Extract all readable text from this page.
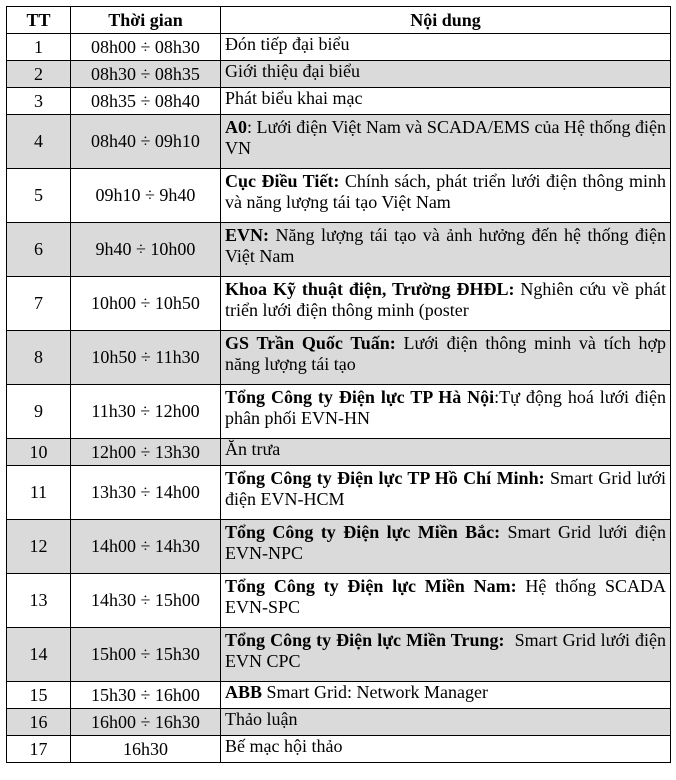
TT	Thời gian	Nội dung
1	08h00 ÷ 08h30	Đón tiếp đại biểu
2	08h30 ÷ 08h35	Giới thiệu đại biểu
3	08h35 ÷ 08h40	Phát biểu khai mạc
4	08h40 ÷ 09h10	A0: Lưới điện Việt Nam và SCADA/EMS của Hệ thống điện VN
5	09h10 ÷ 9h40	Cục Điều Tiết: Chính sách, phát triển lưới điện thông minh và năng lượng tái tạo Việt Nam
6	9h40 ÷ 10h00	EVN: Năng lượng tái tạo và ảnh hưởng đến hệ thống điện Việt Nam
7	10h00 ÷ 10h50	Khoa Kỹ thuật điện, Trường ĐHĐL: Nghiên cứu về phát triển lưới điện thông minh (poster
8	10h50 ÷ 11h30	GS Trần Quốc Tuấn: Lưới điện thông minh và tích hợp năng lượng tái tạo
9	11h30 ÷ 12h00	Tổng Công ty Điện lực TP Hà Nội:Tự động hoá lưới điện phân phối EVN-HN
10	12h00 ÷ 13h30	Ăn trưa
11	13h30 ÷ 14h00	Tổng Công ty Điện lực TP Hồ Chí Minh: Smart Grid lưới điện EVN-HCM
12	14h00 ÷ 14h30	Tổng Công ty Điện lực Miền Bắc: Smart Grid lưới điện EVN-NPC
13	14h30 ÷ 15h00	Tổng Công ty Điện lực Miền Nam: Hệ thống SCADA EVN-SPC
14	15h00 ÷ 15h30	Tổng Công ty Điện lực Miền Trung:  Smart Grid lưới điện EVN CPC
15	15h30 ÷ 16h00	ABB Smart Grid: Network Manager
16	16h00 ÷ 16h30	Thảo luận
17	16h30	Bế mạc hội thảo
